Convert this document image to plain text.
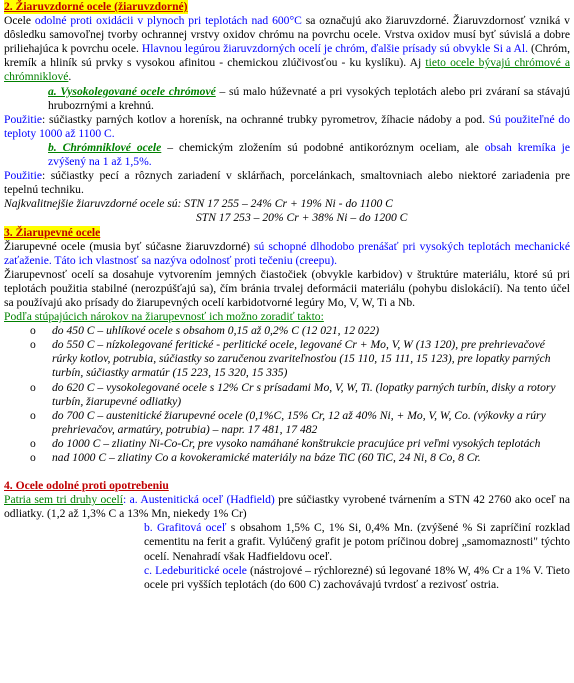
2. Žiaruvzdorné ocele (žiaruvzdorné)

Ocele odolné proti oxidácii v plynoch pri teplotách nad 600°C sa označujú ako žiaruvzdorné. Žiaruvzdornosť vzniká v dôsledku samovoľnej tvorby ochrannej vrstvy oxidov chrómu na povrchu ocele. Vrstva oxidov musí byť súvislá a dobre priliehajúca k povrchu ocele. Hlavnou legúrou žiaruvzdorných ocelí je chróm, ďalšie prísady sú obvykle Si a Al. (Chróm, kremík a hliník sú prvky s vysokou afinitou - chemickou zlúčivosťou - ku kyslíku). Aj tieto ocele bývajú chrómové a chrómniklové.

a. Vysokolegované ocele chrómové – sú malo húževnaté a pri vysokých teplotách alebo pri zváraní sa stávajú hrubozrnými a krehnú.

Použitie: súčiastky parných kotlov a horenísk, na ochranné trubky pyrometrov, žíhacie nádoby a pod. Sú použiteľné do teploty 1000 až 1100 C.

b. Chrómniklové ocele – chemickým zložením sú podobné antikoróznym oceliam, ale obsah kremíka je zvýšený na 1 až 1,5%.

Použitie: súčiastky pecí a rôznych zariadení v sklárňach, porcelánkach, smaltovniach alebo niektoré zariadenia pre tepelnú techniku.

Najkvalitnejšie žiaruvzdorné ocele sú: STN 17 255 – 24% Cr + 19% Ni - do 1100 C

STN 17 253 – 20% Cr + 38% Ni – do 1200 C

3. Žiarupevné ocele

Žiarupevné ocele (musia byť súčasne žiaruvzdorné) sú schopné dlhodobo prenášať pri vysokých teplotách mechanické zaťaženie. Táto ich vlastnosť sa nazýva odolnosť proti tečeniu (creepu).

Žiarupevnosť ocelí sa dosahuje vytvorením jemných čiastočiek (obvykle karbidov) v štruktúre materiálu, ktoré sú pri teplotách použitia stabilné (nerozpúšťajú sa), čím bránia trvalej deformácii materiálu (pohybu dislokácií). Na tento účel sa používajú ako prísady do žiarupevných ocelí karbidotvorné legúry Mo, V, W, Ti a Nb.

Podľa stúpajúcich nárokov na žiarupevnosť ich možno zoradiť takto:

o do 450 C – uhlíkové ocele s obsahom 0,15 až 0,2% C (12 021, 12 022)
o do 550 C – nízkolegované feritické - perlitické ocele, legované Cr + Mo, V, W (13 120), pre prehrievačové rúrky kotlov, potrubia, súčiastky so zaručenou zvariteľnosťou (15 110, 15 111, 15 123), pre lopatky parných turbín, súčiastky armatúr (15 223, 15 320, 15 335)
o do 620 C – vysokolegované ocele s 12% Cr s prísadami Mo, V, W, Ti. (lopatky parných turbín, disky a rotory turbín, žiarupevné odliatky)
o do 700 C – austenitické žiarupevné ocele (0,1%C, 15% Cr, 12 až 40% Ni, + Mo, V, W, Co. (výkovky a rúry prehrievačov, armatúry, potrubia) – napr. 17 481, 17 482
o do 1000 C – zliatiny Ni-Co-Cr, pre vysoko namáhané konštrukcie pracujúce pri veľmi vysokých teplotách
o nad 1000 C – zliatiny Co a kovokeramické materiály na báze TiC (60 TiC, 24 Ni, 8 Co, 8 Cr.
4. Ocele odolné proti opotrebeniu

Patria sem tri druhy ocelí: a. Austenitická oceľ (Hadfield) pre súčiastky vyrobené tvárnením a STN 42 2760 ako oceľ na odliatky. (1,2 až 1,3% C a 13% Mn, niekedy 1% Cr)

b. Grafitová oceľ s obsahom 1,5% C, 1% Si, 0,4% Mn. (zvýšené % Si zapríčiní rozklad cementitu na ferit a grafit. Vylúčený grafit je potom príčinou dobrej „samomaznosti" týchto ocelí. Nenahradí však Hadfieldovu oceľ.

c. Ledeburitické ocele (nástrojové – rýchlorezné) sú legované 18% W, 4% Cr a 1% V. Tieto ocele pri vyšších teplotách (do 600 C) zachovávajú tvrdosť a rezivosť ostria.
